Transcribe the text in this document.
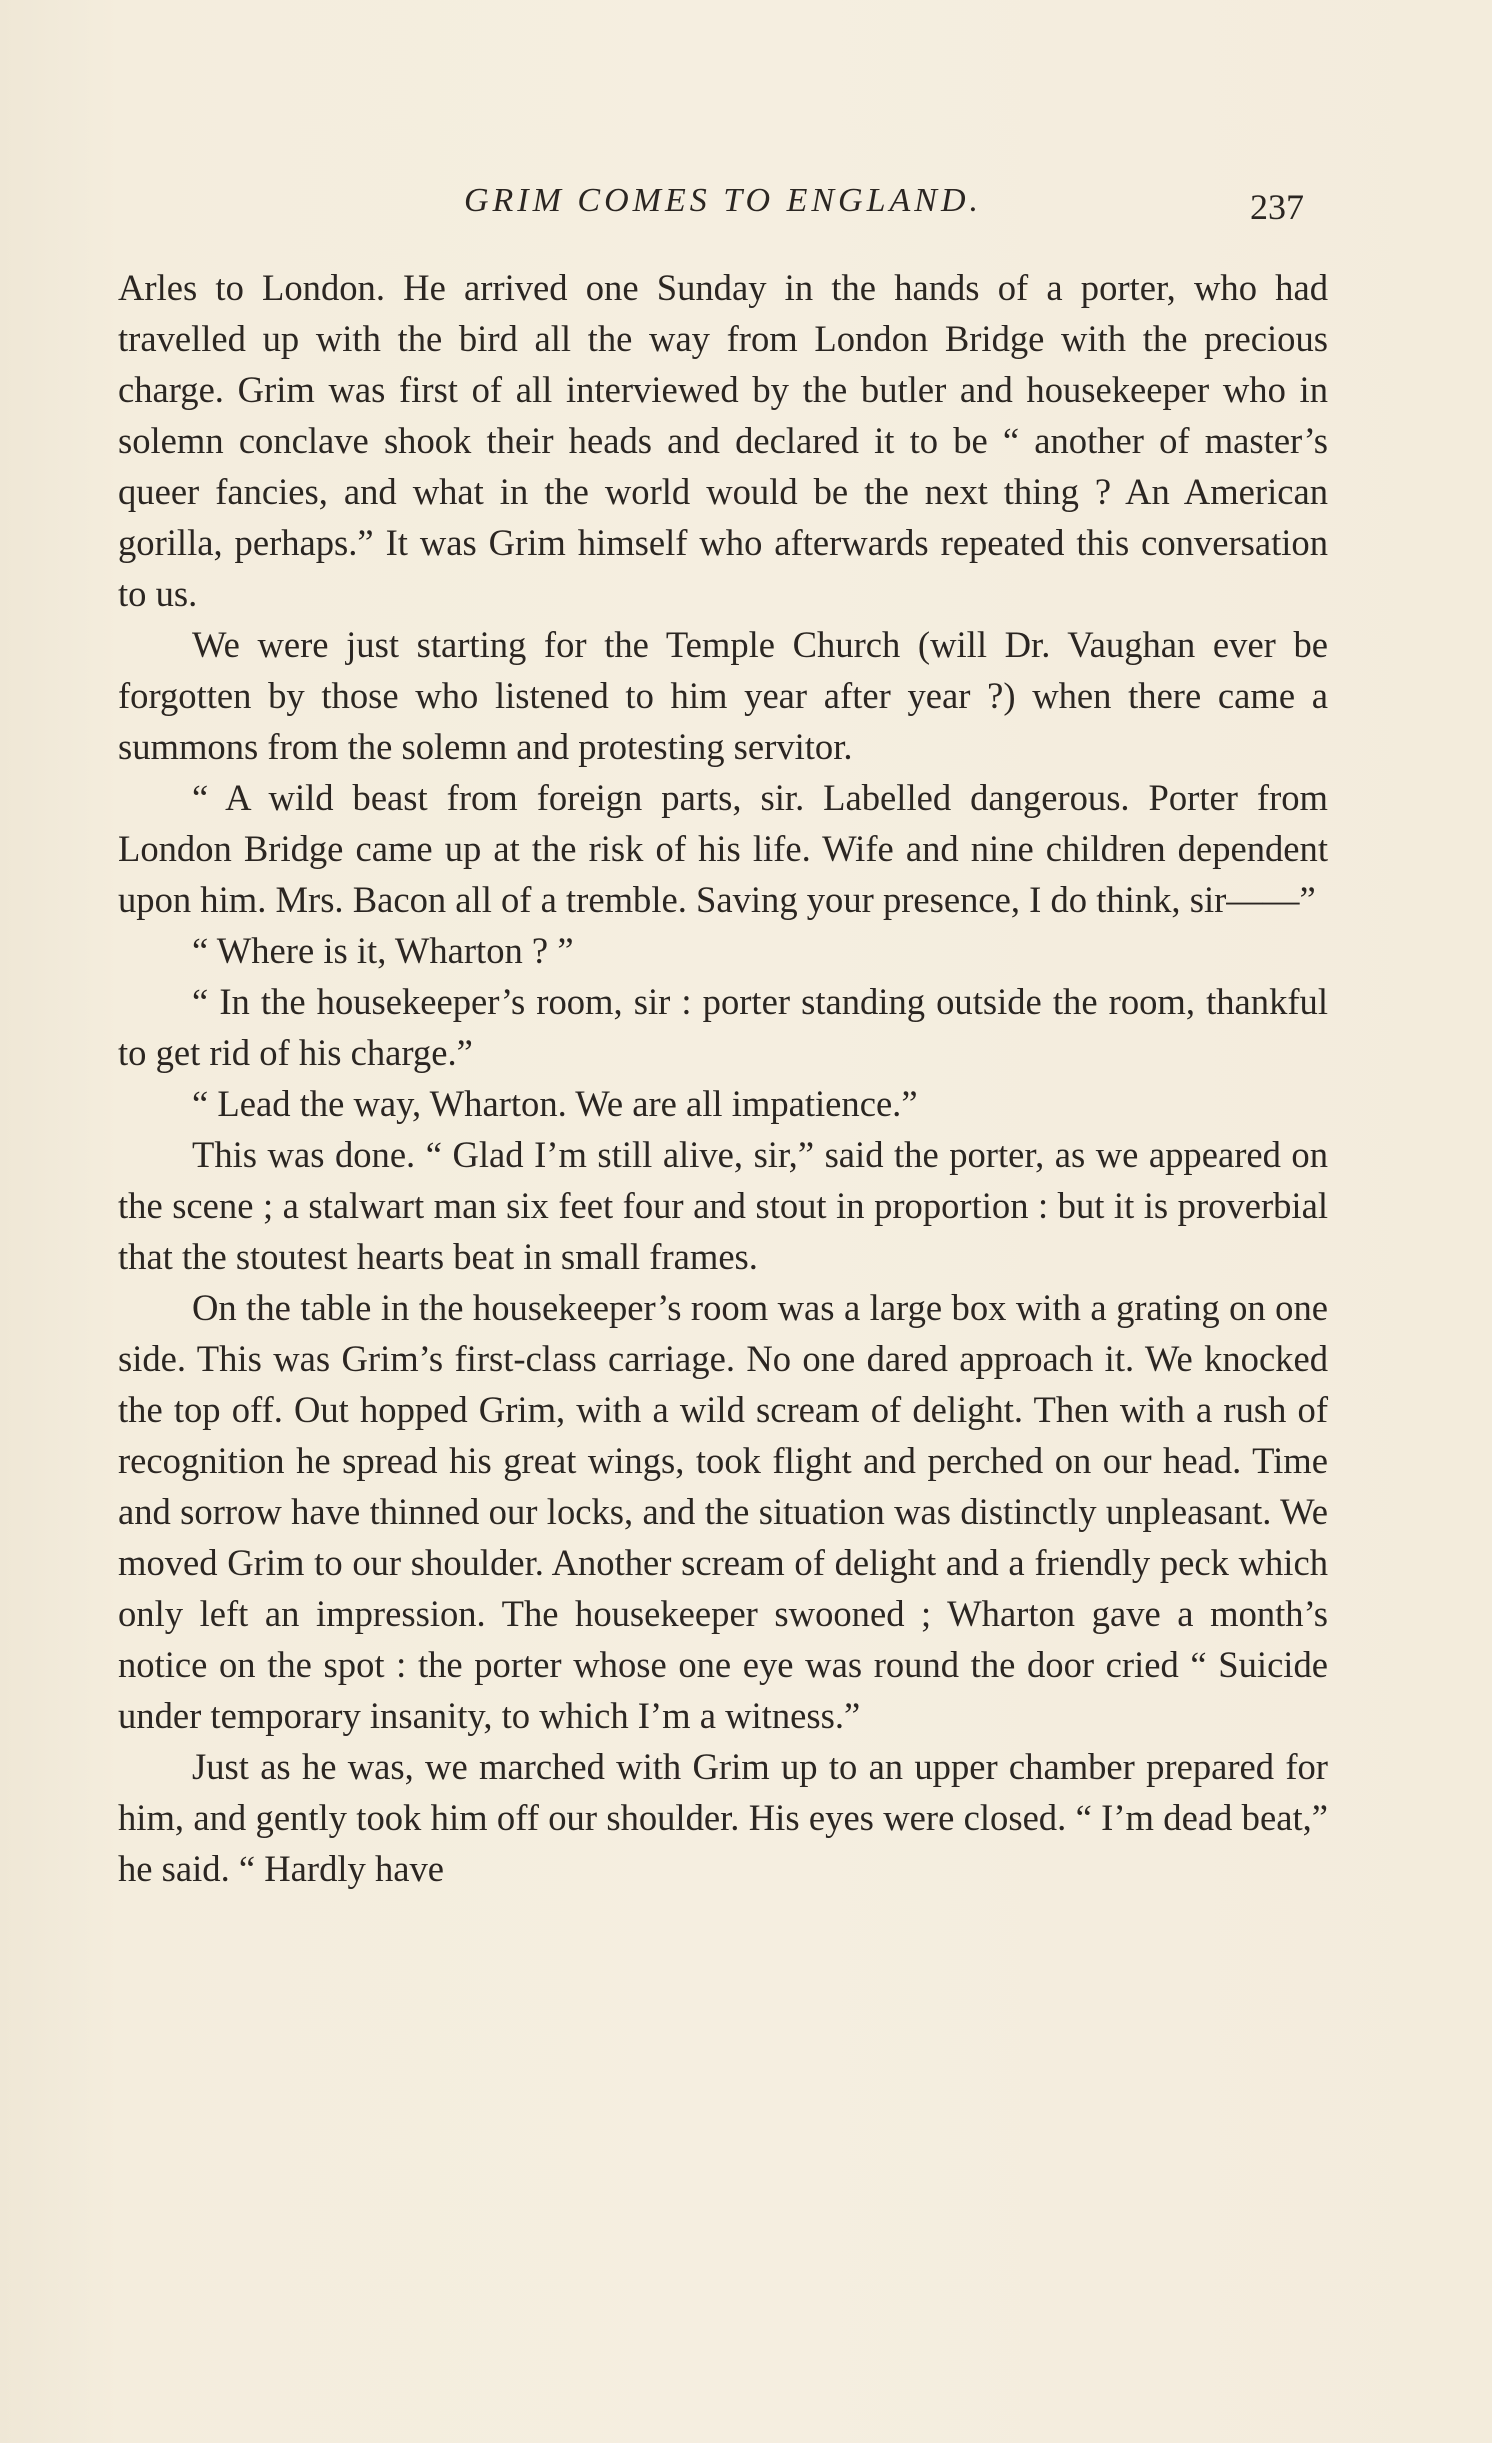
GRIM COMES TO ENGLAND.	237

Arles to London. He arrived one Sunday in the hands of a porter, who had travelled up with the bird all the way from London Bridge with the precious charge. Grim was first of all interviewed by the butler and housekeeper who in solemn conclave shook their heads and declared it to be “ another of master’s queer fancies, and what in the world would be the next thing ? An American gorilla, perhaps.” It was Grim himself who afterwards repeated this conversation to us.

We were just starting for the Temple Church (will Dr. Vaughan ever be forgotten by those who listened to him year after year ?) when there came a summons from the solemn and protesting servitor.

“ A wild beast from foreign parts, sir. Labelled dangerous. Porter from London Bridge came up at the risk of his life. Wife and nine children dependent upon him. Mrs. Bacon all of a tremble. Saving your presence, I do think, sir——”

“ Where is it, Wharton ? ”

“ In the housekeeper’s room, sir : porter standing outside the room, thankful to get rid of his charge.”

“ Lead the way, Wharton. We are all impatience.”

This was done. “ Glad I’m still alive, sir,” said the porter, as we appeared on the scene ; a stalwart man six feet four and stout in proportion : but it is proverbial that the stoutest hearts beat in small frames.

On the table in the housekeeper’s room was a large box with a grating on one side. This was Grim’s first-class carriage. No one dared approach it. We knocked the top off. Out hopped Grim, with a wild scream of delight. Then with a rush of recognition he spread his great wings, took flight and perched on our head. Time and sorrow have thinned our locks, and the situation was distinctly unpleasant. We moved Grim to our shoulder. Another scream of delight and a friendly peck which only left an impression. The housekeeper swooned ; Wharton gave a month’s notice on the spot : the porter whose one eye was round the door cried “ Suicide under temporary insanity, to which I’m a witness.”

Just as he was, we marched with Grim up to an upper chamber prepared for him, and gently took him off our shoulder. His eyes were closed. “ I’m dead beat,” he said. “ Hardly have
